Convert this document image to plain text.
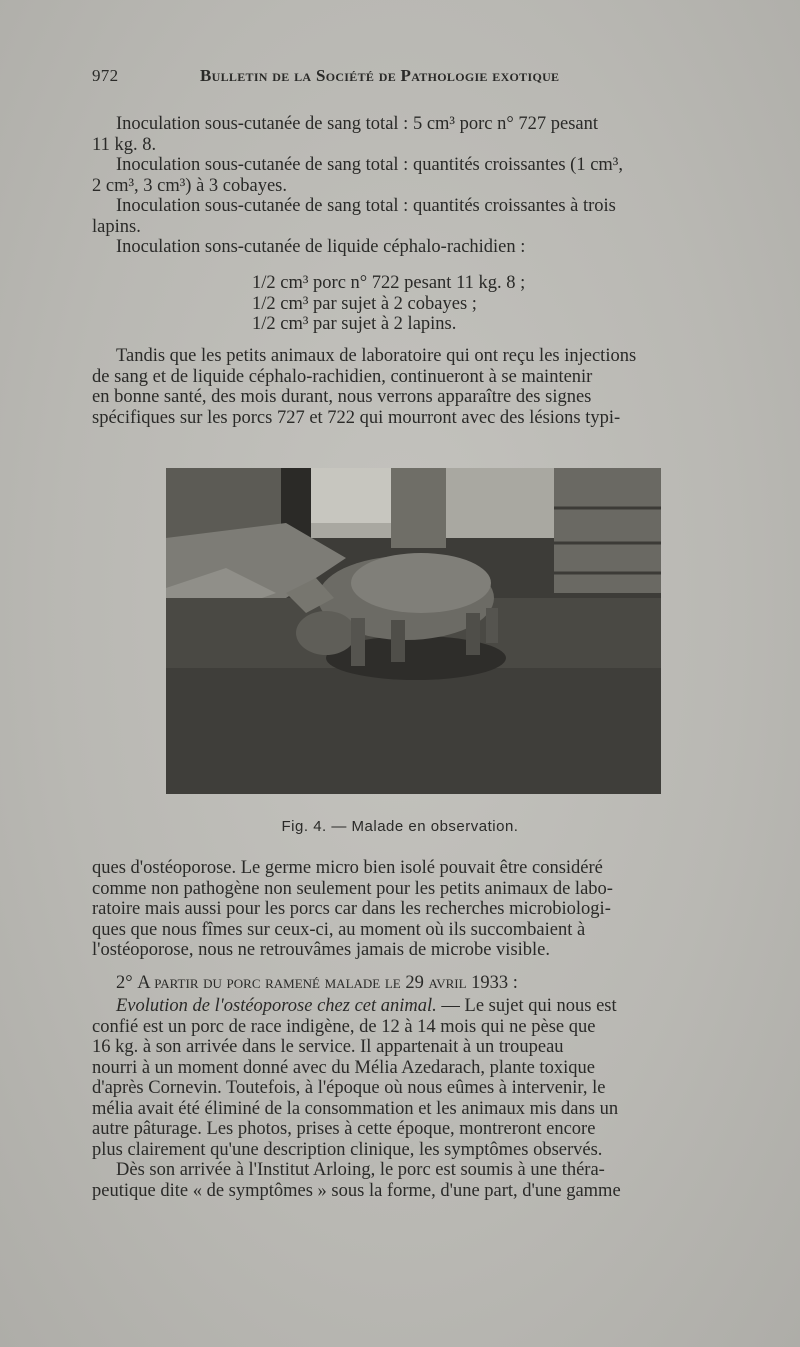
972	Bulletin de la Société de Pathologie exotique
Inoculation sous-cutanée de sang total : 5 cm³ porc n° 727 pesant
11 kg. 8.
Inoculation sous-cutanée de sang total : quantités croissantes (1 cm³,
2 cm³, 3 cm³) à 3 cobayes.
Inoculation sous-cutanée de sang total : quantités croissantes à trois
lapins.
Inoculation sons-cutanée de liquide céphalo-rachidien :
1/2 cm³ porc n° 722 pesant 11 kg. 8 ;
1/2 cm³ par sujet à 2 cobayes ;
1/2 cm³ par sujet à 2 lapins.
Tandis que les petits animaux de laboratoire qui ont reçu les injections
de sang et de liquide céphalo-rachidien, continueront à se maintenir
en bonne santé, des mois durant, nous verrons apparaître des signes
spécifiques sur les porcs 727 et 722 qui mourront avec des lésions typi-
Fig. 4. — Malade en observation.
ques d'ostéoporose. Le germe micro bien isolé pouvait être considéré
comme non pathogène non seulement pour les petits animaux de labo-
ratoire mais aussi pour les porcs car dans les recherches microbiologi-
ques que nous fîmes sur ceux-ci, au moment où ils succombaient à
l'ostéoporose, nous ne retrouvâmes jamais de microbe visible.
2° A partir du porc ramené malade le 29 avril 1933 :
Evolution de l'ostéoporose chez cet animal. — Le sujet qui nous est
confié est un porc de race indigène, de 12 à 14 mois qui ne pèse que
16 kg. à son arrivée dans le service. Il appartenait à un troupeau
nourri à un moment donné avec du Mélia Azedarach, plante toxique
d'après Cornevin. Toutefois, à l'époque où nous eûmes à intervenir, le
mélia avait été éliminé de la consommation et les animaux mis dans un
autre pâturage. Les photos, prises à cette époque, montreront encore
plus clairement qu'une description clinique, les symptômes observés.
Dès son arrivée à l'Institut Arloing, le porc est soumis à une théra-
peutique dite « de symptômes » sous la forme, d'une part, d'une gamme
